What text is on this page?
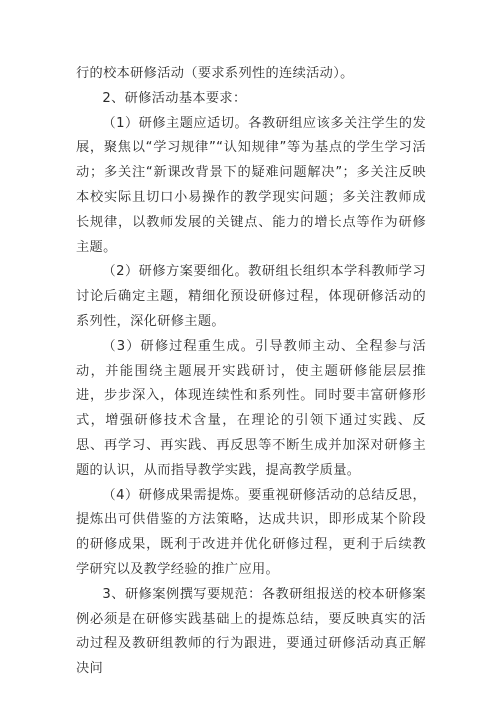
行的校本研修活动（要求系列性的连续活动）。

2、研修活动基本要求：

（1）研修主题应适切。各教研组应该多关注学生的发展，聚焦以“学习规律”“认知规律”等为基点的学生学习活动；多关注“新课改背景下的疑难问题解决”；多关注反映本校实际且切口小易操作的教学现实问题；多关注教师成长规律，以教师发展的关键点、能力的增长点等作为研修主题。

（2）研修方案要细化。教研组长组织本学科教师学习讨论后确定主题，精细化预设研修过程，体现研修活动的系列性，深化研修主题。

（3）研修过程重生成。引导教师主动、全程参与活动，并能围绕主题展开实践研讨，使主题研修能层层推进，步步深入，体现连续性和系列性。同时要丰富研修形式，增强研修技术含量，在理论的引领下通过实践、反思、再学习、再实践、再反思等不断生成并加深对研修主题的认识，从而指导教学实践，提高教学质量。

（4）研修成果需提炼。要重视研修活动的总结反思，提炼出可供借鉴的方法策略，达成共识，即形成某个阶段的研修成果，既利于改进并优化研修过程，更利于后续教学研究以及教学经验的推广应用。

3、研修案例撰写要规范：各教研组报送的校本研修案例必须是在研修实践基础上的提炼总结，要反映真实的活动过程及教研组教师的行为跟进，要通过研修活动真正解决问
